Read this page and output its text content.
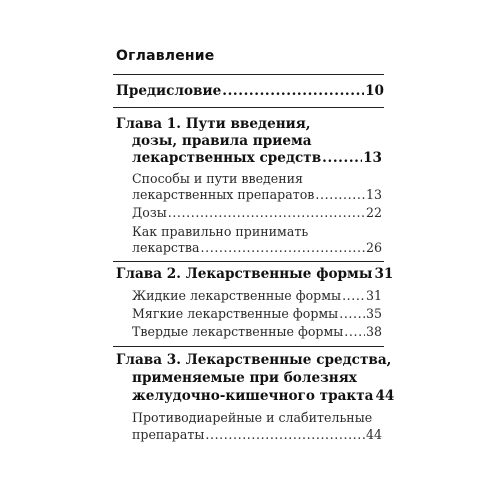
Оглавление
Предисловие .....	10
Глава 1. Пути введения,
дозы, правила приема
лекарственных средств .....	13
Способы и пути введения
лекарственных препаратов .....	13
Дозы .....	22
Как правильно принимать
лекарства .....	26
Глава 2. Лекарственные формы 31
Жидкие лекарственные формы ..... 31
Мягкие лекарственные формы ..... 35
Твердые лекарственные формы ..... 38
Глава 3. Лекарственные средства,
применяемые при болезнях
желудочно-кишечного тракта 44
Противодиарейные и слабительные
препараты .....	44
